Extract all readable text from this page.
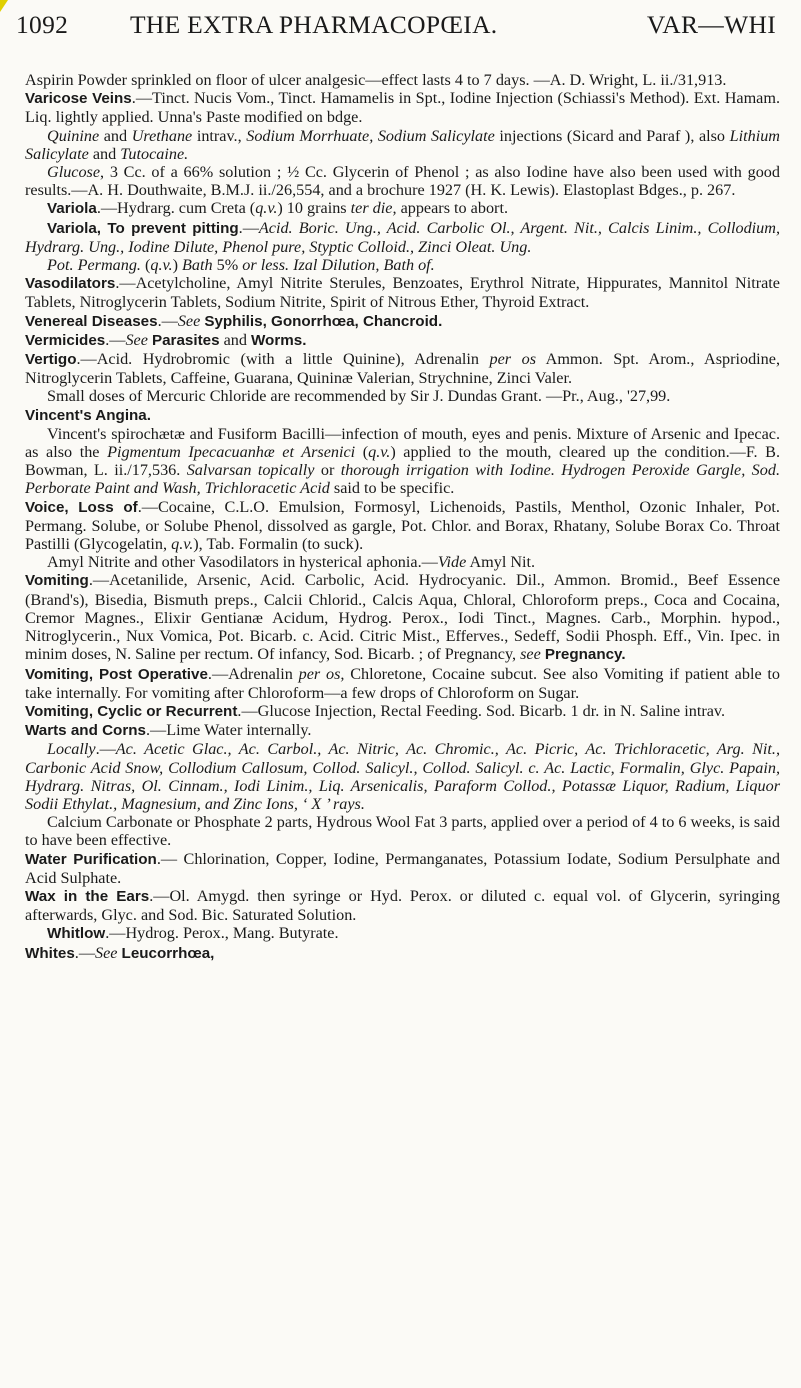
1092 THE EXTRA PHARMACOPŒIA.	VAR—WHI

Aspirin Powder sprinkled on floor of ulcer analgesic—effect lasts 4 to 7 days. —A. D. Wright, L. ii./31,913.

Varicose Veins.—Tinct. Nucis Vom., Tinct. Hamamelis in Spt., Iodine Injection (Schiassi's Method). Ext. Hamam. Liq. lightly applied. Unna's Paste modified on bdge.

Quinine and Urethane intrav., Sodium Morrhuate, Sodium Salicylate injections (Sicard and Paraf ), also Lithium Salicylate and Tutocaine.

Glucose, 3 Cc. of a 66% solution ; ½ Cc. Glycerin of Phenol ; as also Iodine have also been used with good results.—A. H. Douthwaite, B.M.J. ii./26,554, and a brochure 1927 (H. K. Lewis). Elastoplast Bdges., p. 267.

Variola.—Hydrarg. cum Creta (q.v.) 10 grains ter die, appears to abort.

Variola, To prevent pitting.—Acid. Boric. Ung., Acid. Carbolic Ol., Argent. Nit., Calcis Linim., Collodium, Hydrarg. Ung., Iodine Dilute, Phenol pure, Styptic Colloid., Zinci Oleat. Ung.

Pot. Permang. (q.v.) Bath 5% or less. Izal Dilution, Bath of.

Vasodilators.—Acetylcholine, Amyl Nitrite Sterules, Benzoates, Erythrol Nitrate, Hippurates, Mannitol Nitrate Tablets, Nitroglycerin Tablets, Sodium Nitrite, Spirit of Nitrous Ether, Thyroid Extract.

Venereal Diseases.—See Syphilis, Gonorrhœa, Chancroid.

Vermicides.—See Parasites and Worms.

Vertigo.—Acid. Hydrobromic (with a little Quinine), Adrenalin per os Ammon. Spt. Arom., Aspriodine, Nitroglycerin Tablets, Caffeine, Guarana, Quininæ Valerian, Strychnine, Zinci Valer.

Small doses of Mercuric Chloride are recommended by Sir J. Dundas Grant. —Pr., Aug., '27,99.

Vincent's Angina.

Vincent's spirochætæ and Fusiform Bacilli—infection of mouth, eyes and penis. Mixture of Arsenic and Ipecac. as also the Pigmentum Ipecacuanhæ et Arsenici (q.v.) applied to the mouth, cleared up the condition.—F. B. Bowman, L. ii./17,536. Salvarsan topically or thorough irrigation with Iodine. Hydrogen Peroxide Gargle, Sod. Perborate Paint and Wash, Trichloracetic Acid said to be specific.

Voice, Loss of.—Cocaine, C.L.O. Emulsion, Formosyl, Lichenoids, Pastils, Menthol, Ozonic Inhaler, Pot. Permang. Solube, or Solube Phenol, dissolved as gargle, Pot. Chlor. and Borax, Rhatany, Solube Borax Co. Throat Pastilli (Glycogelatin, q.v.), Tab. Formalin (to suck).

Amyl Nitrite and other Vasodilators in hysterical aphonia.—Vide Amyl Nit.

Vomiting.—Acetanilide, Arsenic, Acid. Carbolic, Acid. Hydrocyanic. Dil., Ammon. Bromid., Beef Essence (Brand's), Bisedia, Bismuth preps., Calcii Chlorid., Calcis Aqua, Chloral, Chloroform preps., Coca and Cocaina, Cremor Magnes., Elixir Gentianæ Acidum, Hydrog. Perox., Iodi Tinct., Magnes. Carb., Morphin. hypod., Nitroglycerin., Nux Vomica, Pot. Bicarb. c. Acid. Citric Mist., Efferves., Sedeff, Sodii Phosph. Eff., Vin. Ipec. in minim doses, N. Saline per rectum. Of infancy, Sod. Bicarb. ; of Pregnancy, see Pregnancy.

Vomiting, Post Operative.—Adrenalin per os, Chloretone, Cocaine subcut. See also Vomiting if patient able to take internally. For vomiting after Chloroform—a few drops of Chloroform on Sugar.

Vomiting, Cyclic or Recurrent.—Glucose Injection, Rectal Feeding. Sod. Bicarb. 1 dr. in N. Saline intrav.

Warts and Corns.—Lime Water internally.

Locally.—Ac. Acetic Glac., Ac. Carbol., Ac. Nitric, Ac. Chromic., Ac. Picric, Ac. Trichloracetic, Arg. Nit., Carbonic Acid Snow, Collodium Callosum, Collod. Salicyl., Collod. Salicyl. c. Ac. Lactic, Formalin, Glyc. Papain, Hydrarg. Nitras, Ol. Cinnam., Iodi Linim., Liq. Arsenicalis, Paraform Collod., Potassæ Liquor, Radium, Liquor Sodii Ethylat., Magnesium, and Zinc Ions, ‘ X ’ rays.

Calcium Carbonate or Phosphate 2 parts, Hydrous Wool Fat 3 parts, applied over a period of 4 to 6 weeks, is said to have been effective.

Water Purification.— Chlorination, Copper, Iodine, Permanganates, Potassium Iodate, Sodium Persulphate and Acid Sulphate.

Wax in the Ears.—Ol. Amygd. then syringe or Hyd. Perox. or diluted c. equal vol. of Glycerin, syringing afterwards, Glyc. and Sod. Bic. Saturated Solution.

Whitlow.—Hydrog. Perox., Mang. Butyrate.

Whites.—See Leucorrhœa,
